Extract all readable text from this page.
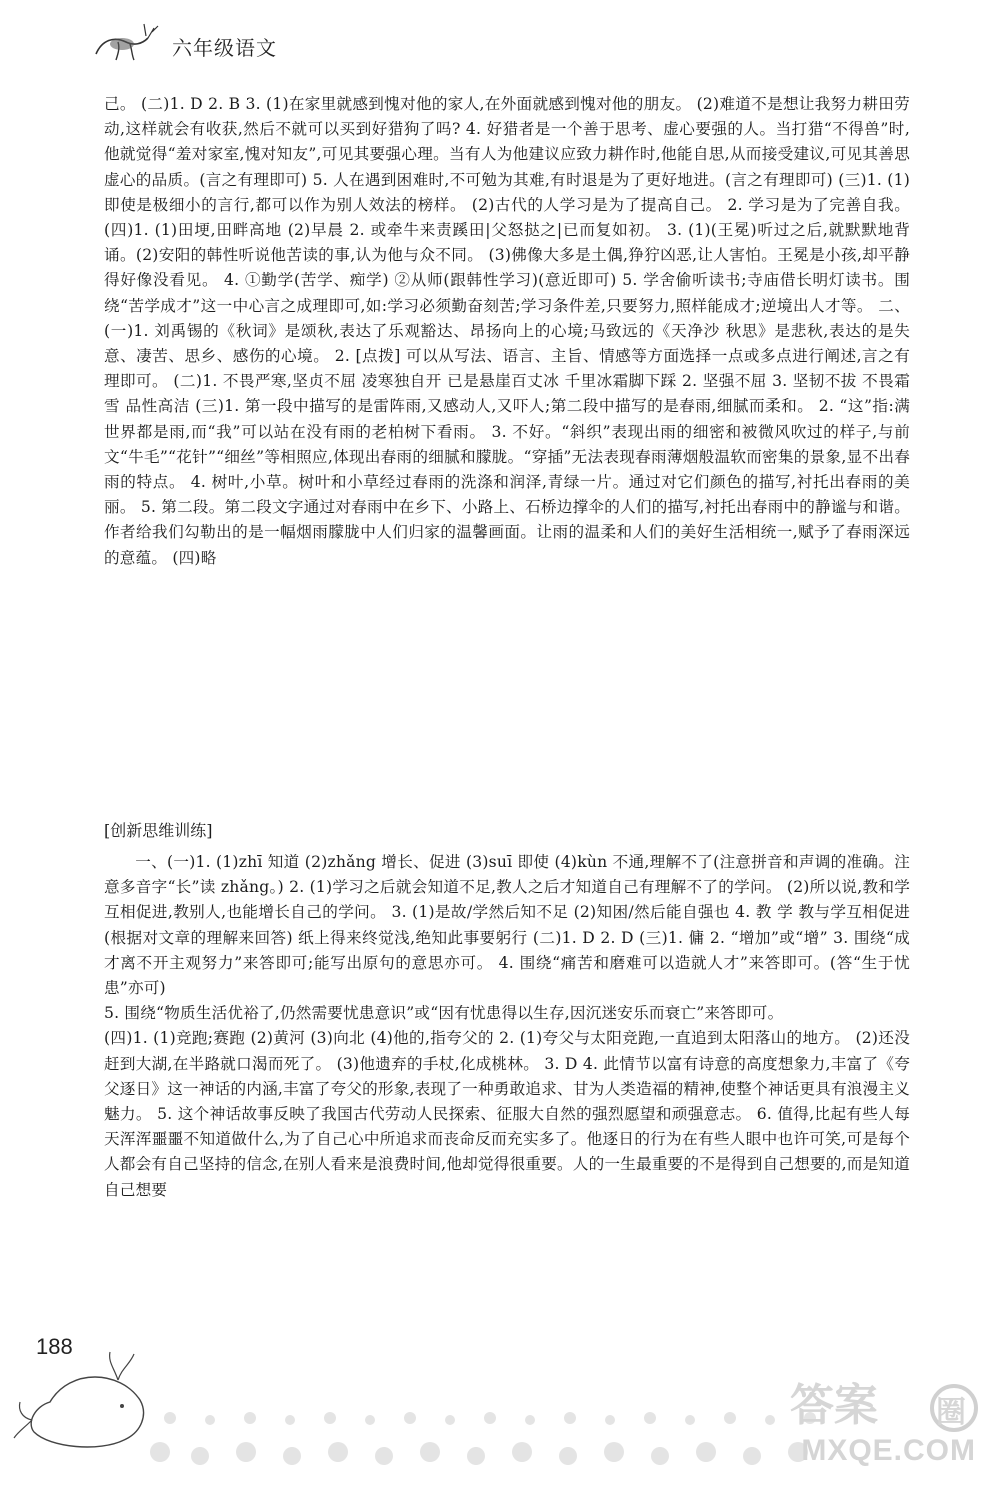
六年级语文

己。 (二)1. D 2. B 3. (1)在家里就感到愧对他的家人,在外面就感到愧对他的朋友。 (2)难道不是想让我努力耕田劳动,这样就会有收获,然后不就可以买到好猎狗了吗? 4. 好猎者是一个善于思考、虚心要强的人。当打猎“不得兽”时,他就觉得“羞对家室,愧对知友”,可见其要强心理。当有人为他建议应致力耕作时,他能自思,从而接受建议,可见其善思虚心的品质。(言之有理即可) 5. 人在遇到困难时,不可勉为其难,有时退是为了更好地进。(言之有理即可) (三)1. (1)即使是极细小的言行,都可以作为别人效法的榜样。 (2)古代的人学习是为了提高自己。 2. 学习是为了完善自我。 (四)1. (1)田埂,田畔高地 (2)早晨 2. 或牵牛来责蹊田|父怒挞之|已而复如初。 3. (1)(王冕)听过之后,就默默地背诵。(2)安阳的韩性听说他苦读的事,认为他与众不同。 (3)佛像大多是土偶,狰狞凶恶,让人害怕。王冕是小孩,却平静得好像没看见。 4. ①勤学(苦学、痴学) ②从师(跟韩性学习)(意近即可) 5. 学舍偷听读书;寺庙借长明灯读书。围绕“苦学成才”这一中心言之成理即可,如:学习必须勤奋刻苦;学习条件差,只要努力,照样能成才;逆境出人才等。 二、(一)1. 刘禹锡的《秋词》是颂秋,表达了乐观豁达、昂扬向上的心境;马致远的《天净沙 秋思》是悲秋,表达的是失意、凄苦、思乡、感伤的心境。 2. [点拨] 可以从写法、语言、主旨、情感等方面选择一点或多点进行阐述,言之有理即可。 (二)1. 不畏严寒,坚贞不屈 凌寒独自开 已是悬崖百丈冰 千里冰霜脚下踩 2. 坚强不屈 3. 坚韧不拔 不畏霜雪 品性高洁 (三)1. 第一段中描写的是雷阵雨,又感动人,又吓人;第二段中描写的是春雨,细腻而柔和。 2. “这”指:满世界都是雨,而“我”可以站在没有雨的老柏树下看雨。 3. 不好。“斜织”表现出雨的细密和被微风吹过的样子,与前文“牛毛”“花针”“细丝”等相照应,体现出春雨的细腻和朦胧。“穿插”无法表现春雨薄烟般温软而密集的景象,显不出春雨的特点。 4. 树叶,小草。树叶和小草经过春雨的洗涤和润泽,青绿一片。通过对它们颜色的描写,衬托出春雨的美丽。 5. 第二段。第二段文字通过对春雨中在乡下、小路上、石桥边撑伞的人们的描写,衬托出春雨中的静谧与和谐。作者给我们勾勒出的是一幅烟雨朦胧中人们归家的温馨画面。让雨的温柔和人们的美好生活相统一,赋予了春雨深远的意蕴。 (四)略

[创新思维训练]

一、(一)1. (1)zhī 知道 (2)zhǎng 增长、促进 (3)suī 即使 (4)kùn 不通,理解不了(注意拼音和声调的准确。注意多音字“长”读 zhǎng。) 2. (1)学习之后就会知道不足,教人之后才知道自己有理解不了的学问。 (2)所以说,教和学互相促进,教别人,也能增长自己的学问。 3. (1)是故/学然后知不足 (2)知困/然后能自强也 4. 教 学 教与学互相促进(根据对文章的理解来回答) 纸上得来终觉浅,绝知此事要躬行 (二)1. D 2. D (三)1. 傭 2. “增加”或“增” 3. 围绕“成才离不开主观努力”来答即可;能写出原句的意思亦可。 4. 围绕“痛苦和磨难可以造就人才”来答即可。(答“生于忧患”亦可)

5. 围绕“物质生活优裕了,仍然需要忧患意识”或“因有忧患得以生存,因沉迷安乐而衰亡”来答即可。

(四)1. (1)竞跑;赛跑 (2)黄河 (3)向北 (4)他的,指夸父的 2. (1)夸父与太阳竞跑,一直追到太阳落山的地方。 (2)还没赶到大湖,在半路就口渴而死了。 (3)他遗弃的手杖,化成桃林。 3. D 4. 此情节以富有诗意的高度想象力,丰富了《夸父逐日》这一神话的内涵,丰富了夸父的形象,表现了一种勇敢追求、甘为人类造福的精神,使整个神话更具有浪漫主义魅力。 5. 这个神话故事反映了我国古代劳动人民探索、征服大自然的强烈愿望和顽强意志。 6. 值得,比起有些人每天浑浑噩噩不知道做什么,为了自己心中所追求而丧命反而充实多了。他逐日的行为在有些人眼中也许可笑,可是每个人都会有自己坚持的信念,在别人看来是浪费时间,他却觉得很重要。人的一生最重要的不是得到自己想要的,而是知道自己想要

188
答案 圈
MXQE.COM
